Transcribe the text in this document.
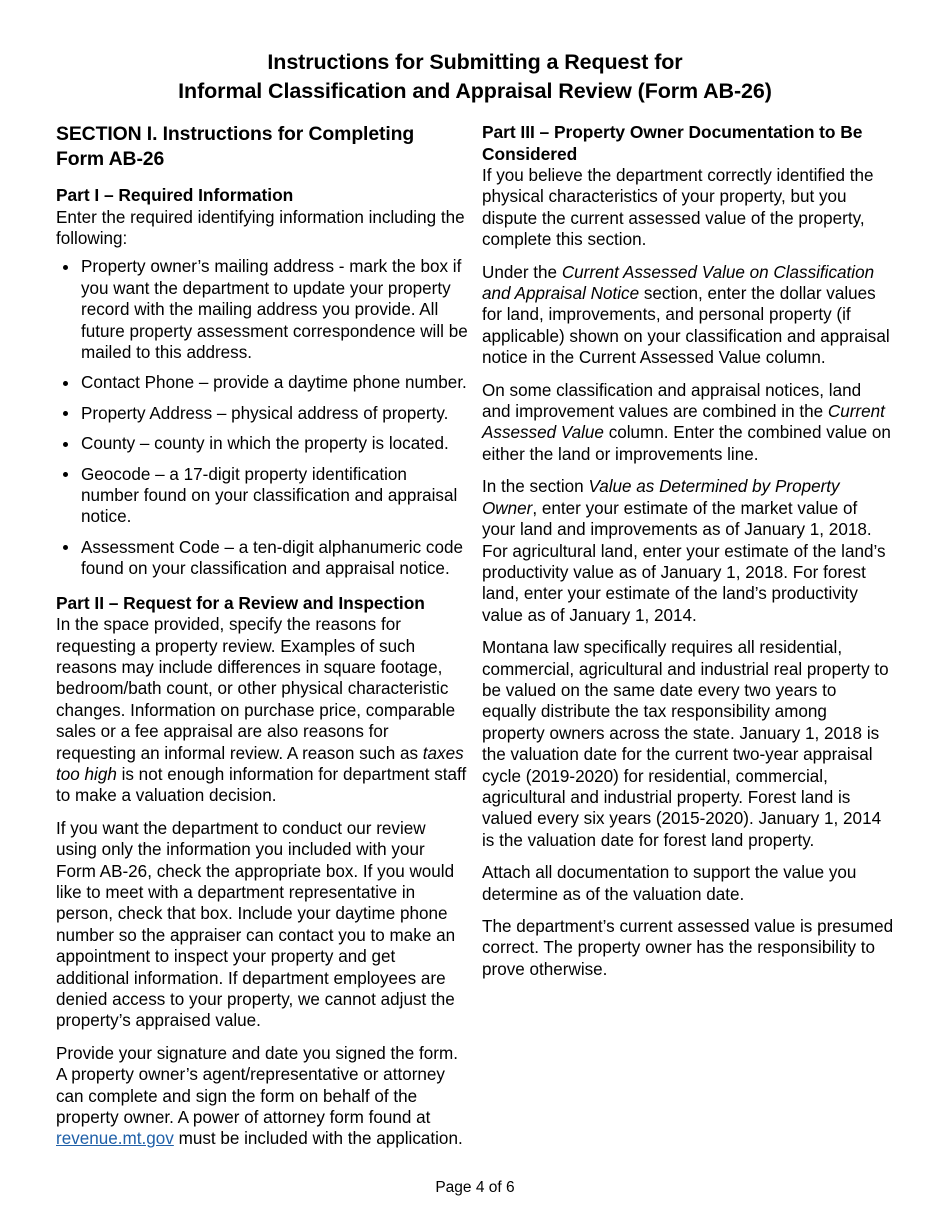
Instructions for Submitting a Request for
Informal Classification and Appraisal Review (Form AB-26)
SECTION I. Instructions for Completing
Form AB-26
Part I – Required Information

Enter the required identifying information including the following:

Property owner’s mailing address - mark the box if you want the department to update your property record with the mailing address you provide. All future property assessment correspondence will be mailed to this address.
Contact Phone – provide a daytime phone number.
Property Address – physical address of property.
County – county in which the property is located.
Geocode – a 17-digit property identification number found on your classification and appraisal notice.
Assessment Code – a ten-digit alphanumeric code found on your classification and appraisal notice.
Part II – Request for a Review and Inspection

In the space provided, specify the reasons for requesting a property review. Examples of such reasons may include differences in square footage, bedroom/bath count, or other physical characteristic changes. Information on purchase price, comparable sales or a fee appraisal are also reasons for requesting an informal review. A reason such as taxes too high is not enough information for department staff to make a valuation decision.

If you want the department to conduct our review using only the information you included with your Form AB-26, check the appropriate box. If you would like to meet with a department representative in person, check that box. Include your daytime phone number so the appraiser can contact you to make an appointment to inspect your property and get additional information. If department employees are denied access to your property, we cannot adjust the property’s appraised value.

Provide your signature and date you signed the form. A property owner’s agent/representative or attorney can complete and sign the form on behalf of the property owner. A power of attorney form found at revenue.mt.gov must be included with the application.

Part III – Property Owner Documentation to Be
Considered

If you believe the department correctly identified the physical characteristics of your property, but you dispute the current assessed value of the property, complete this section.

Under the Current Assessed Value on Classification and Appraisal Notice section, enter the dollar values for land, improvements, and personal property (if applicable) shown on your classification and appraisal notice in the Current Assessed Value column.

On some classification and appraisal notices, land and improvement values are combined in the Current Assessed Value column. Enter the combined value on either the land or improvements line.

In the section Value as Determined by Property Owner, enter your estimate of the market value of your land and improvements as of January 1, 2018. For agricultural land, enter your estimate of the land’s productivity value as of January 1, 2018. For forest land, enter your estimate of the land’s productivity value as of January 1, 2014.

Montana law specifically requires all residential, commercial, agricultural and industrial real property to be valued on the same date every two years to equally distribute the tax responsibility among property owners across the state. January 1, 2018 is the valuation date for the current two-year appraisal cycle (2019-2020) for residential, commercial, agricultural and industrial property. Forest land is valued every six years (2015-2020). January 1, 2014 is the valuation date for forest land property.

Attach all documentation to support the value you determine as of the valuation date.

The department’s current assessed value is presumed correct. The property owner has the responsibility to prove otherwise.

Page 4 of 6
